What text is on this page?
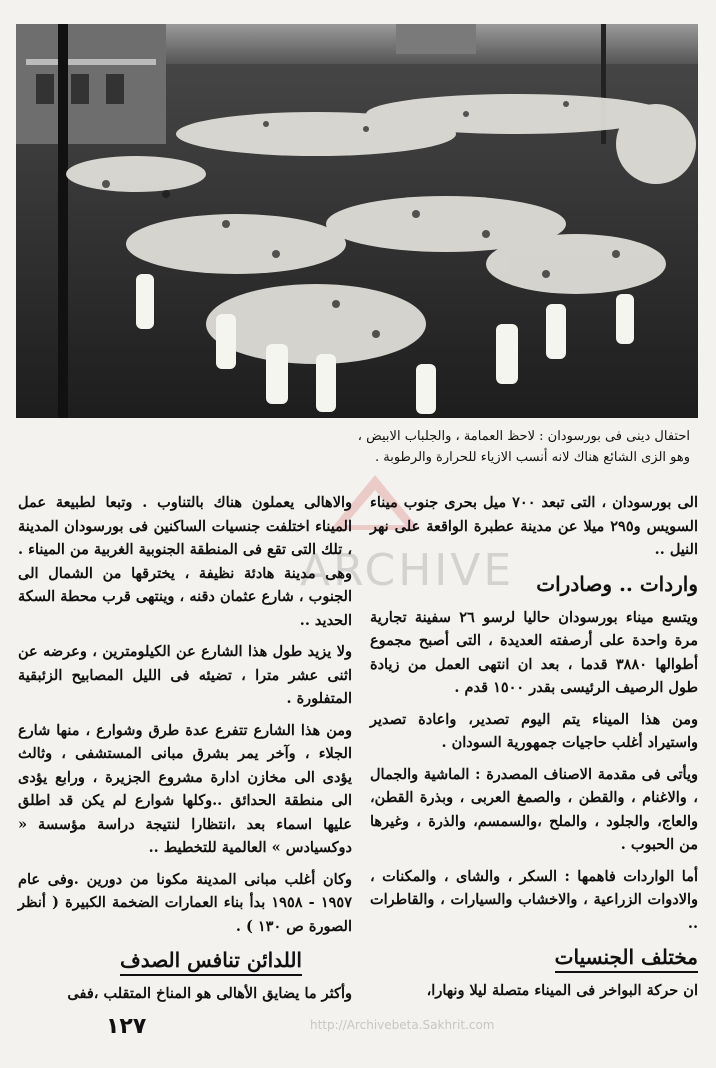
احتفال دينى فى بورسودان : لاحظ العمامة ، والجلباب الابيض ،

وهو الزى الشائع هناك لانه أنسب الازياء للحرارة والرطوبة .

ARCHIVE

الى بورسودان ، التى تبعد ٧٠٠ ميل بحرى جنوب ميناء السويس و٢٩٥ ميلا عن مدينة عطبرة الواقعة على نهر النيل ..

واردات .. وصادرات

ويتسع ميناء بورسودان حاليا لرسو ٢٦ سفينة تجارية مرة واحدة على أرصفته العديدة ، التى أصبح مجموع أطوالها ٣٨٨٠ قدما ، بعد ان انتهى العمل من زيادة طول الرصيف الرئيسى بقدر ١٥٠٠ قدم .

ومن هذا الميناء يتم اليوم تصدير، واعادة تصدير واستيراد أغلب حاجيات جمهورية السودان .

ويأتى فى مقدمة الاصناف المصدرة : الماشية والجمال ، والاغنام ، والقطن ، والصمغ العربى ، وبذرة القطن، والعاج، والجلود ، والملح ،والسمسم، والذرة ، وغيرها من الحبوب .

أما الواردات فاهمها : السكر ، والشاى ، والمكنات ، والادوات الزراعية ، والاخشاب والسيارات ، والقاطرات ..

مختلف الجنسيات

ان حركة البواخر فى الميناء متصلة ليلا ونهارا،

والاهالى يعملون هناك بالتناوب . وتبعا لطبيعة عمل الميناء اختلفت جنسيات الساكنين فى بورسودان المدينة ، تلك التى تقع فى المنطقة الجنوبية الغربية من الميناء . وهى مدينة هادئة نظيفة ، يخترقها من الشمال الى الجنوب ، شارع عثمان دقنه ، وينتهى قرب محطة السكة الحديد ..

ولا يزيد طول هذا الشارع عن الكيلومترين ، وعرضه عن اثنى عشر مترا ، تضيئه فى الليل المصابيح الزئبقية المتفلورة .

ومن هذا الشارع تتفرع عدة طرق وشوارع ، منها شارع الجلاء ، وآخر يمر بشرق مبانى المستشفى ، وثالث يؤدى الى مخازن ادارة مشروع الجزيرة ، ورابع يؤدى الى منطقة الحدائق ..وكلها شوارع لم يكن قد اطلق عليها اسماء بعد ،انتظارا لنتيجة دراسة مؤسسة « دوكسيادس » العالمية للتخطيط ..

وكان أغلب مبانى المدينة مكونا من دورين .وفى عام ١٩٥٧ - ١٩٥٨ بدأ بناء العمارات الضخمة الكبيرة ( أنظر الصورة ص ١٣٠ ) .

اللدائن تنافس الصدف

وأكثر ما يضايق الأهالى هو المناخ المتقلب ،ففى

١٢٧	http://Archivebeta.Sakhrit.com
